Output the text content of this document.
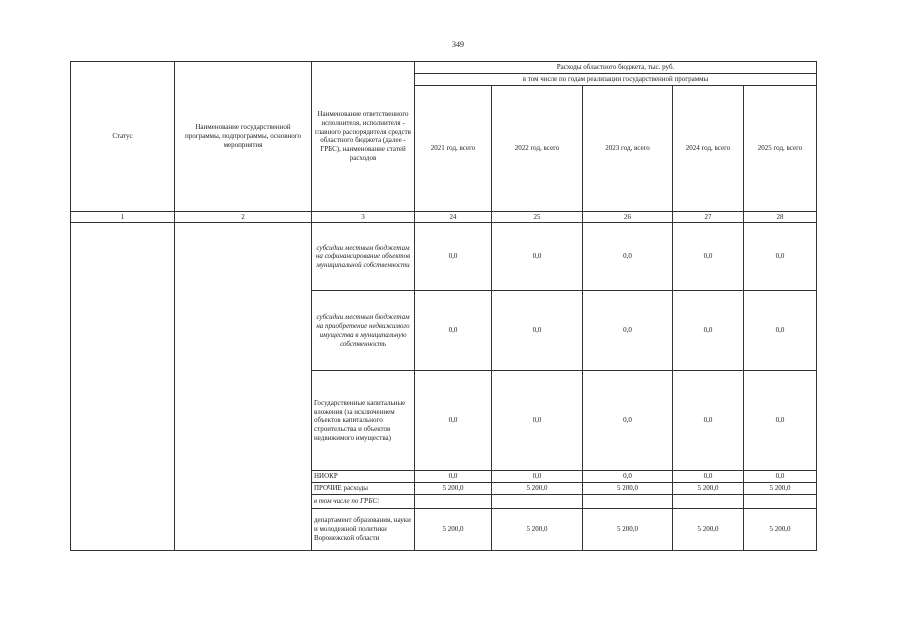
349
Статус	Наименование государственной программы, подпрограммы, основного мероприятия	Наименование ответственного исполнителя, исполнителя - главного распорядителя средств областного бюджета (далее - ГРБС), наименование статей расходов	Расходы областного бюджета, тыс. руб.				
			в том числе по годам реализации государственной программы				
			2021 год, всего	2022 год, всего	2023 год, всего	2024 год, всего	2025 год, всего
1	2	3	24	25	26	27	28
		субсидии местным бюджетам на софинансирование объектов муниципальной собственности	0,0	0,0	0,0	0,0	0,0
		субсидии местным бюджетам на приобретение недвижимого имущества в муниципальную собственность	0,0	0,0	0,0	0,0	0,0
		Государственные капитальные вложения (за исключением объектов капитального строительства и объектов недвижимого имущества)	0,0	0,0	0,0	0,0	0,0
		НИОКР	0,0	0,0	0,0	0,0	0,0
		ПРОЧИЕ расходы	5 200,0	5 200,0	5 200,0	5 200,0	5 200,0
		в том числе по ГРБС:					
		департамент образования, науки и молодежной политики Воронежской области	5 200,0	5 200,0	5 200,0	5 200,0	5 200,0
